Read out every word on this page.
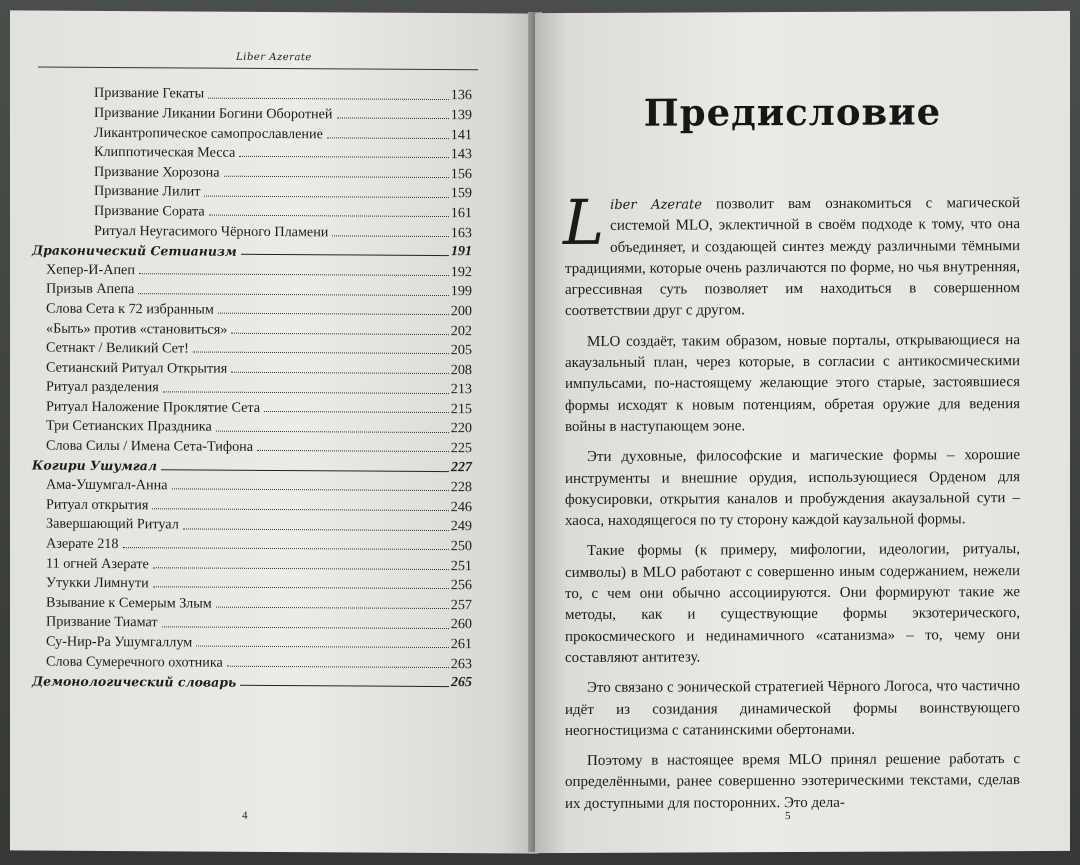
Liber Azerate
Призвание Гекаты	136
Призвание Ликании Богини Оборотней	139
Ликантропическое самопрославление	141
Клиппотическая Месса	143
Призвание Хорозона	156
Призвание Лилит	159
Призвание Сората	161
Ритуал Неугасимого Чёрного Пламени	163
Драконический Сетианизм	191
Хепер-И-Апеп	192
Призыв Апепа	199
Слова Сета к 72 избранным	200
«Быть» против «становиться»	202
Сетнакт / Великий Сет!	205
Сетианский Ритуал Открытия	208
Ритуал разделения	213
Ритуал Наложение Проклятие Сета	215
Три Сетианских Праздника	220
Слова Силы / Имена Сета-Тифона	225
Когири Ушумгал	227
Ама-Ушумгал-Анна	228
Ритуал открытия	246
Завершающий Ритуал	249
Азерате 218	250
11 огней Азерате	251
Утукки Лимнути	256
Взывание к Семерым Злым	257
Призвание Тиамат	260
Су-Нир-Ра Ушумгаллум	261
Слова Сумеречного охотника	263
Демонологический словарь	265
4
Предисловие

Liber Azerate позволит вам ознакомиться с магической системой MLO, эклектичной в своём подходе к тому, что она объединяет, и создающей синтез между различными тёмными традициями, которые очень различаются по форме, но чья внутренняя, агрессивная суть позволяет им находиться в совершенном соответствии друг с другом.

MLO создаёт, таким образом, новые порталы, открывающиеся на акаузальный план, через которые, в согласии с антикосмическими импульсами, по-настоящему желающие этого старые, застоявшиеся формы исходят к новым потенциям, обретая оружие для ведения войны в наступающем эоне.

Эти духовные, философские и магические формы – хорошие инструменты и внешние орудия, использующиеся Орденом для фокусировки, открытия каналов и пробуждения акаузальной сути – хаоса, находящегося по ту сторону каждой каузальной формы.

Такие формы (к примеру, мифологии, идеологии, ритуалы, символы) в MLO работают с совершенно иным содержанием, нежели то, с чем они обычно ассоциируются. Они формируют такие же методы, как и существующие формы экзотерического, прокосмического и нединамичного «сатанизма» – то, чему они составляют антитезу.

Это связано с эонической стратегией Чёрного Логоса, что частично идёт из созидания динамической формы воинствующего неогностицизма с сатанинскими обертонами.

Поэтому в настоящее время MLO принял решение работать с определёнными, ранее совершенно эзотерическими текстами, сделав их доступными для посторонних. Это дела-

5
